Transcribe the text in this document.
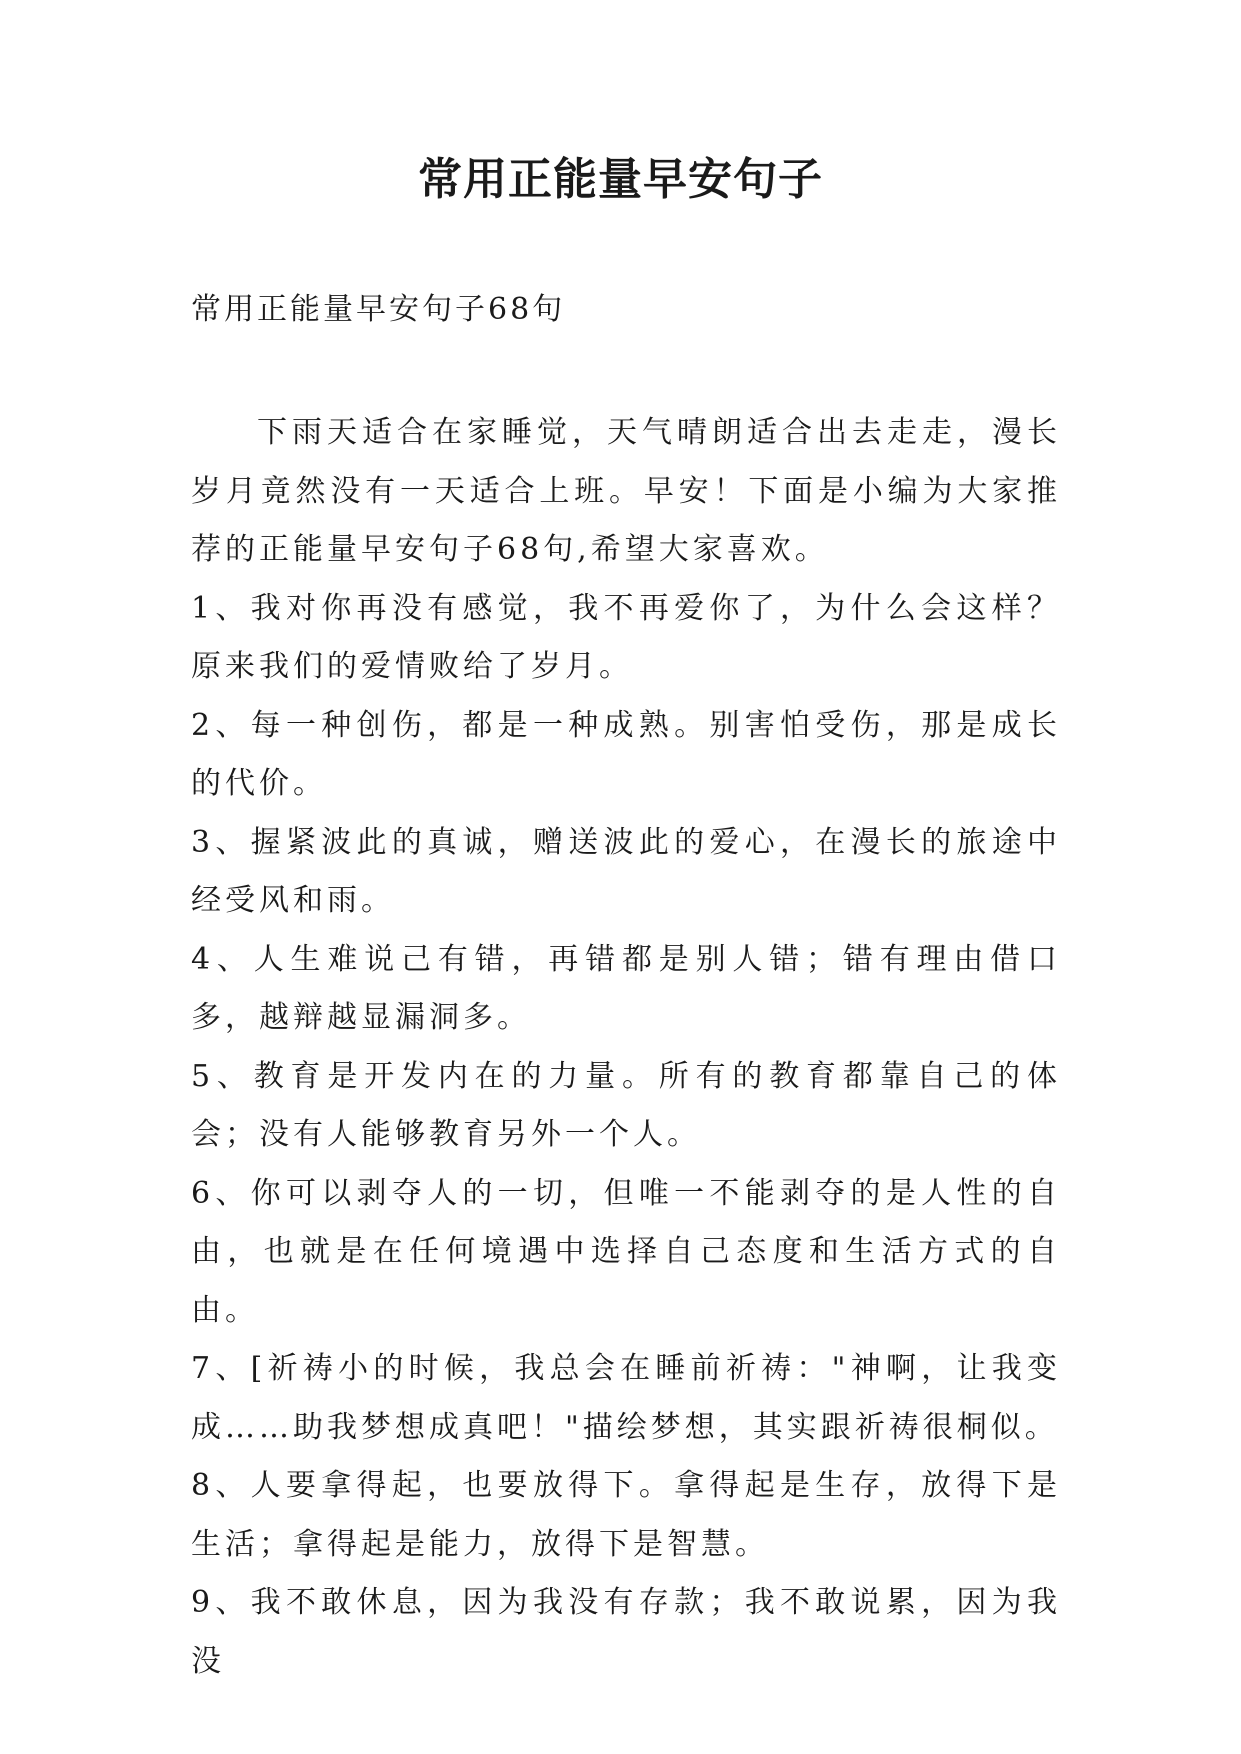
常用正能量早安句子

常用正能量早安句子68句

下雨天适合在家睡觉，天气晴朗适合出去走走，漫长岁月竟然没有一天适合上班。早安！下面是小编为大家推荐的正能量早安句子68句,希望大家喜欢。

1、我对你再没有感觉，我不再爱你了，为什么会这样？原来我们的爱情败给了岁月。

2、每一种创伤，都是一种成熟。别害怕受伤，那是成长的代价。

3、握紧波此的真诚，赠送波此的爱心，在漫长的旅途中经受风和雨。

4、人生难说己有错，再错都是别人错；错有理由借口多，越辩越显漏洞多。

5、教育是开发内在的力量。所有的教育都靠自己的体会；没有人能够教育另外一个人。

6、你可以剥夺人的一切，但唯一不能剥夺的是人性的自由，也就是在任何境遇中选择自己态度和生活方式的自由。

7、[祈祷小的时候，我总会在睡前祈祷："神啊，让我变成……助我梦想成真吧！"描绘梦想，其实跟祈祷很桐似。

8、人要拿得起，也要放得下。拿得起是生存，放得下是生活；拿得起是能力，放得下是智慧。

9、我不敢休息，因为我没有存款；我不敢说累，因为我没
